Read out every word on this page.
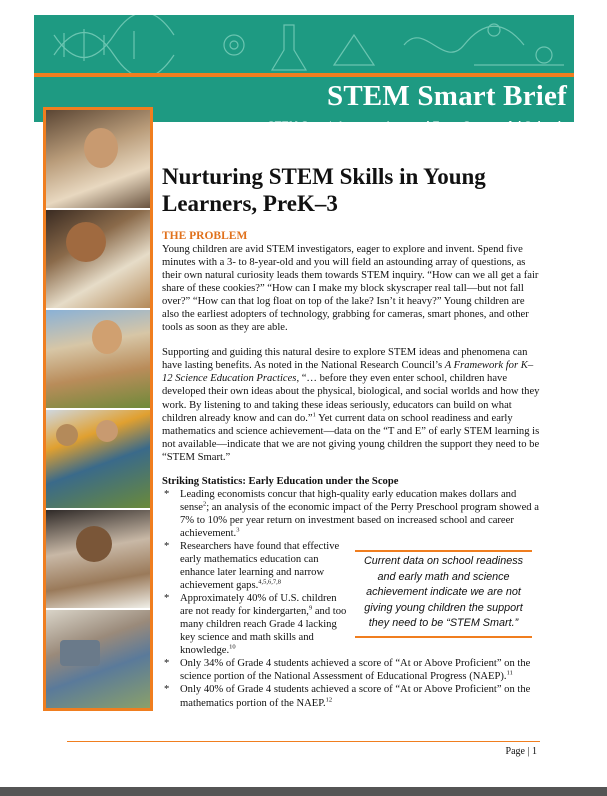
STEM Smart Brief
STEM Smart: Lessons Learned From Successful Schools
Nurturing STEM Skills in Young Learners, PreK–3
THE PROBLEM

Young children are avid STEM investigators, eager to explore and invent. Spend five minutes with a 3- to 8-year-old and you will field an astounding array of questions, as their own natural curiosity leads them towards STEM inquiry. “How can we all get a fair share of these cookies?” “How can I make my block skyscraper real tall—but not fall over?” “How can that log float on top of the lake? Isn’t it heavy?” Young children are also the earliest adopters of technology, grabbing for cameras, smart phones, and other tools as soon as they are able.

Supporting and guiding this natural desire to explore STEM ideas and phenomena can have lasting benefits. As noted in the National Research Council’s A Framework for K–12 Science Education Practices, “… before they even enter school, children have developed their own ideas about the physical, biological, and social worlds and how they work. By listening to and taking these ideas seriously, educators can build on what children already know and can do.”$^1$ Yet current data on school readiness and early mathematics and science achievement—data on the “T and E” of early STEM learning is not available—indicate that we are not giving young children the support they need to be “STEM Smart.”

Striking Statistics: Early Education under the Scope
* Leading economists concur that high-quality early education makes dollars and sense$^2$; an analysis of the economic impact of the Perry Preschool program showed a 7% to 10% per year return on investment based on increased school and career achievement.$^3$
* Researchers have found that effective early mathematics education can enhance later learning and narrow achievement gaps.$^{4,5,6,7,8}$
* Approximately 40% of U.S. children are not ready for kindergarten,$^9$ and too many children reach Grade 4 lacking key science and math skills and knowledge.$^{10}$
* Only 34% of Grade 4 students achieved a score of “At or Above Proficient” on the science portion of the National Assessment of Educational Progress (NAEP).$^{11}$
* Only 40% of Grade 4 students achieved a score of “At or Above Proficient” on the mathematics portion of the NAEP.$^{12}$
Current data on school readiness and early math and science achievement indicate we are not giving young children the support they need to be “STEM Smart.”
Page | 1
